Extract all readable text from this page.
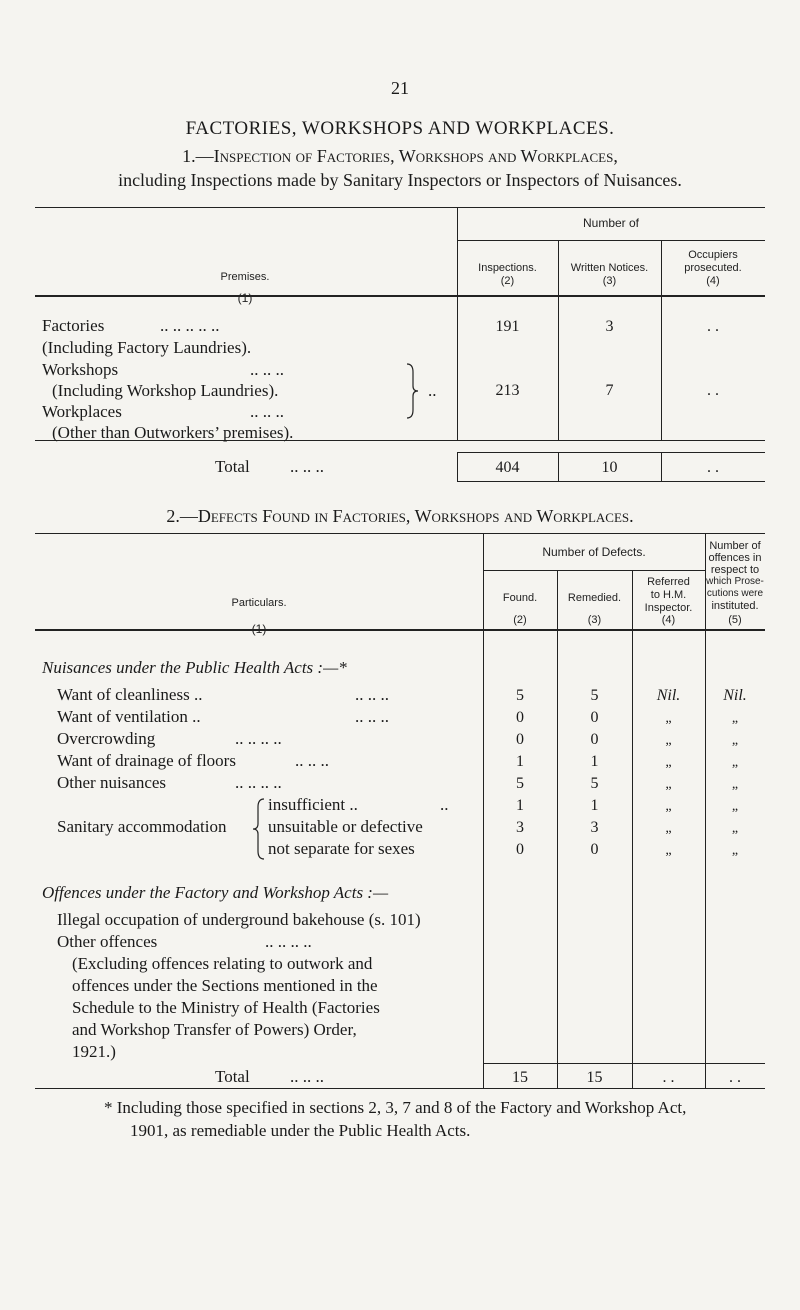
21
FACTORIES, WORKSHOPS AND WORKPLACES.
1.—Inspection of Factories, Workshops and Workplaces,
including Inspections made by Sanitary Inspectors or Inspectors of Nuisances.
Premises.
(1)
Number of
Inspections.
(2)
Written Notices.
(3)
Occupiers
prosecuted.
(4)
Factories	.. .. .. .. ..
(Including Factory Laundries).
191	3	. .
Workshops	.. .. ..
(Including Workshop Laundries).
Workplaces	.. .. ..
(Other than Outworkers’ premises).
..	213	7	. .
Total .. .. ..	404	10	. .
2.—Defects Found in Factories, Workshops and Workplaces.
Particulars.
(1)
Number of Defects.
Found.
(2)
Remedied.
(3)
Referred
to H.M.
Inspector.
(4)
Number of
offences in
respect to
which Prose-
cutions were
instituted.
(5)
Nuisances under the Public Health Acts :—*
Want of cleanliness ..	.. .. ..	5	5	Nil.	Nil.
Want of ventilation ..	.. .. ..	0	0	„	„
Overcrowding	.. .. .. ..	0	0	„	„
Want of drainage of floors	.. .. ..	1	1	„	„
Other nuisances	.. .. .. ..	5	5	„	„
Sanitary accommodation
insufficient ..	..	1	1	„	„
unsuitable or defective	3	3	„	„
not separate for sexes	0	0	„	„
Offences under the Factory and Workshop Acts :—
Illegal occupation of underground bakehouse (s. 101)
Other offences	.. .. .. ..
(Excluding offences relating to outwork and
offences under the Sections mentioned in the
Schedule to the Ministry of Health (Factories
and Workshop Transfer of Powers) Order,
1921.)
Total .. .. ..	15	15	. .	. .
* Including those specified in sections 2, 3, 7 and 8 of the Factory and Workshop Act,
1901, as remediable under the Public Health Acts.
